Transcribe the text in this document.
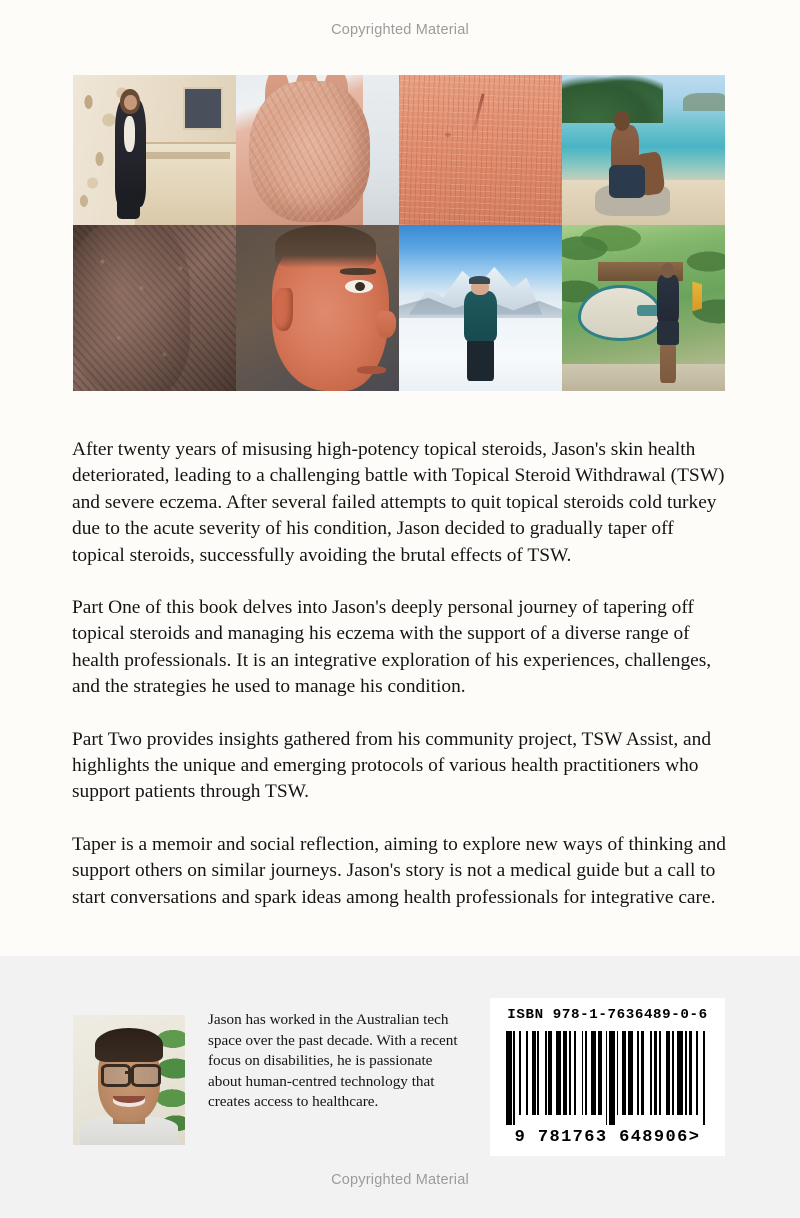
Copyrighted Material

After twenty years of misusing high-potency topical steroids, Jason's skin health deteriorated, leading to a challenging battle with Topical Steroid Withdrawal (TSW) and severe eczema. After several failed attempts to quit topical steroids cold turkey due to the acute severity of his condition, Jason decided to gradually taper off topical steroids, successfully avoiding the brutal effects of TSW.

Part One of this book delves into Jason's deeply personal journey of tapering off topical steroids and managing his eczema with the support of a diverse range of health professionals. It is an integrative exploration of his experiences, challenges, and the strategies he used to manage his condition.

Part Two provides insights gathered from his community project, TSW Assist, and highlights the unique and emerging protocols of various health practitioners who support patients through TSW.

Taper is a memoir and social reflection, aiming to explore new ways of thinking and support others on similar journeys. Jason's story is not a medical guide but a call to start conversations and spark ideas among health professionals for integrative care.

Jason has worked in the Australian tech space over the past decade. With a recent focus on disabilities, he is passionate about human-centred technology that creates access to healthcare.
ISBN 978-1-7636489-0-6
9 781763 648906>
Copyrighted Material
